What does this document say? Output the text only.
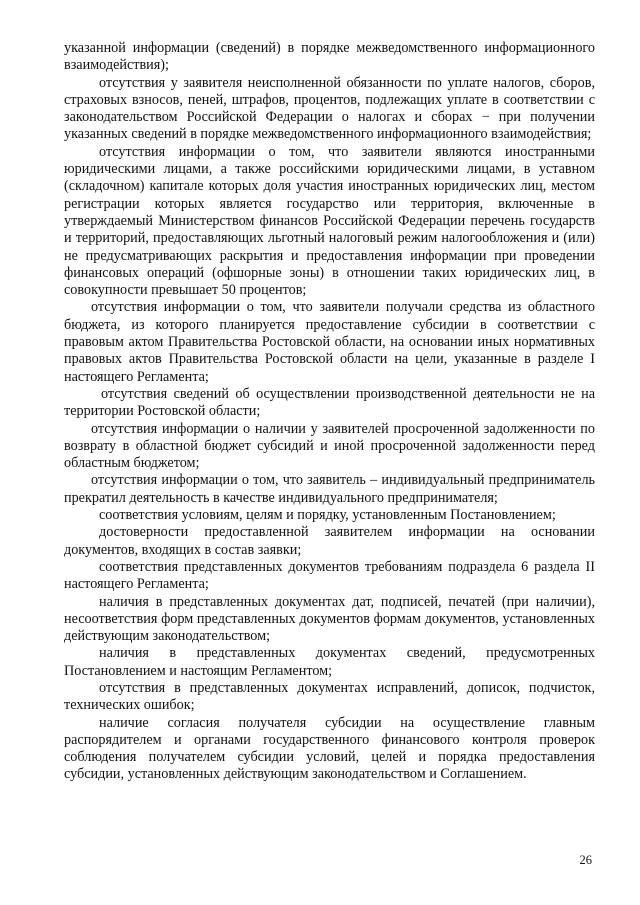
указанной информации (сведений) в порядке межведомственного информационного взаимодействия);

отсутствия у заявителя неисполненной обязанности по уплате налогов, сборов, страховых взносов, пеней, штрафов, процентов, подлежащих уплате в соответствии с законодательством Российской Федерации о налогах и сборах − при получении указанных сведений в порядке межведомственного информационного взаимодействия;

отсутствия информации о том, что заявители являются иностранными юридическими лицами, а также российскими юридическими лицами, в уставном (складочном) капитале которых доля участия иностранных юридических лиц, местом регистрации которых является государство или территория, включенные в утверждаемый Министерством финансов Российской Федерации перечень государств и территорий, предоставляющих льготный налоговый режим налогообложения и (или) не предусматривающих раскрытия и предоставления информации при проведении финансовых операций (офшорные зоны) в отношении таких юридических лиц, в совокупности превышает 50 процентов;

отсутствия информации о том, что заявители получали средства из областного бюджета, из которого планируется предоставление субсидии в соответствии с правовым актом Правительства Ростовской области, на основании иных нормативных правовых актов Правительства Ростовской области на цели, указанные в разделе I настоящего Регламента;

отсутствия сведений об осуществлении производственной деятельности не на территории Ростовской области;

отсутствия информации о наличии у заявителей просроченной задолженности по возврату в областной бюджет субсидий и иной просроченной задолженности перед областным бюджетом;

отсутствия информации о том, что заявитель – индивидуальный предприниматель прекратил деятельность в качестве индивидуального предпринимателя;

соответствия условиям, целям и порядку, установленным Постановлением;

достоверности предоставленной заявителем информации на основании документов, входящих в состав заявки;

соответствия представленных документов требованиям подраздела 6 раздела II настоящего Регламента;

наличия в представленных документах дат, подписей, печатей (при наличии), несоответствия форм представленных документов формам документов, установленных действующим законодательством;

наличия в представленных документах сведений, предусмотренных Постановлением и настоящим Регламентом;

отсутствия в представленных документах исправлений, дописок, подчисток, технических ошибок;

наличие согласия получателя субсидии на осуществление главным распорядителем и органами государственного финансового контроля проверок соблюдения получателем субсидии условий, целей и порядка предоставления субсидии, установленных действующим законодательством и Соглашением.

26
